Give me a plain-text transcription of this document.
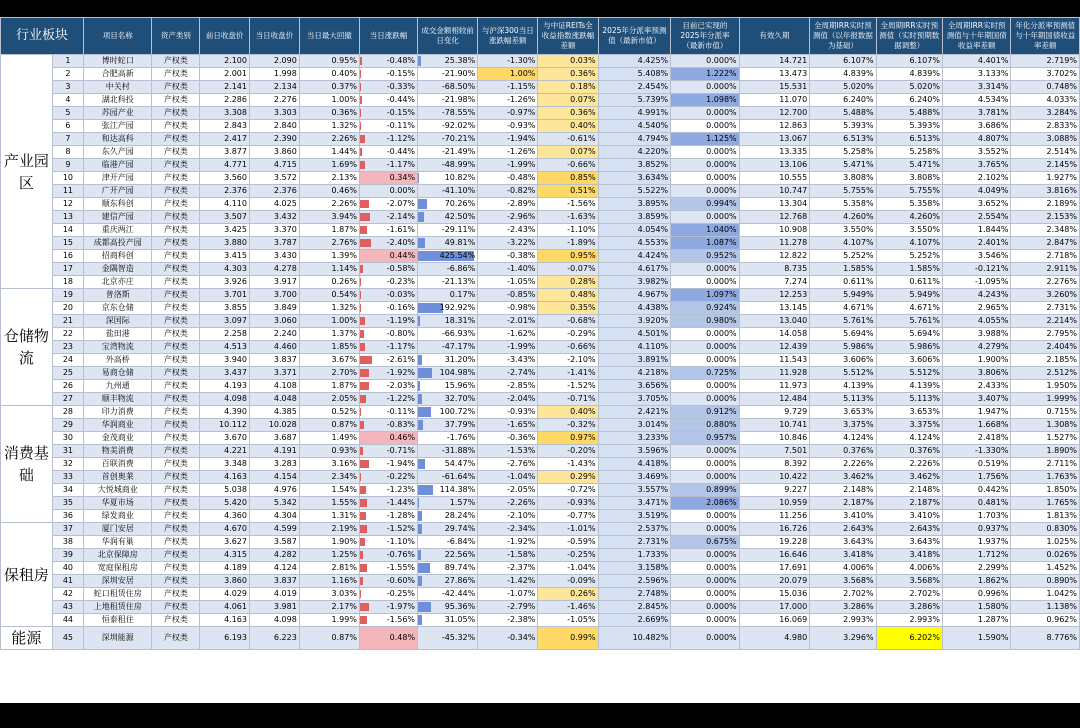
行业板块		项目名称	资产类别	前日收盘价	当日收盘价	当日最大回撤	当日涨跌幅	成交金额相较前日变化	与沪深300当日涨跌幅差额	与中证REITs全收益指数涨跌幅差额	2025年分派率预测值（最新市值）	目前已实现的2025年分派率（最新市值）	有效久期	全周期IRR实时预测值（以年报数据为基础）	全周期IRR实时预测值（实时预期数据调整）	全周期IRR实时预测值与十年期国债收益率差额	年化分派率预测值与十年期国债收益率差额
产业园区	1	博时蛇口	产权类	2.100	2.090	0.95%	-0.48%	25.38%	-1.30%	0.03%	4.425%	0.000%	14.721	6.107%	6.107%	4.401%	2.719%
	2	合肥高新	产权类	2.001	1.998	0.40%	-0.15%	-21.90%	1.00%	0.36%	5.408%	1.222%	13.473	4.839%	4.839%	3.133%	3.702%
	3	中关村	产权类	2.141	2.134	0.37%	-0.33%	-68.50%	-1.15%	0.18%	2.454%	0.000%	15.531	5.020%	5.020%	3.314%	0.748%
	4	湖北科投	产权类	2.286	2.276	1.00%	-0.44%	-21.98%	-1.26%	0.07%	5.739%	1.098%	11.070	6.240%	6.240%	4.534%	4.033%
	5	苏园产业	产权类	3.308	3.303	0.36%	-0.15%	-78.55%	-0.97%	0.36%	4.991%	0.000%	12.700	5.488%	5.488%	3.781%	3.284%
	6	张江产园	产权类	2.843	2.840	1.32%	-0.11%	-92.02%	-0.93%	0.40%	4.540%	0.000%	12.863	5.393%	5.393%	3.686%	2.833%
	7	和达高科	产权类	2.417	2.390	2.26%	-1.12%	-70.21%	-1.94%	-0.61%	4.794%	1.125%	13.067	6.513%	6.513%	4.807%	3.088%
	8	东久产园	产权类	3.877	3.860	1.44%	-0.44%	-21.49%	-1.26%	0.07%	4.220%	0.000%	13.335	5.258%	5.258%	3.552%	2.514%
	9	临港产园	产权类	4.771	4.715	1.69%	-1.17%	-48.99%	-1.99%	-0.66%	3.852%	0.000%	13.106	5.471%	5.471%	3.765%	2.145%
	10	津开产园	产权类	3.560	3.572	2.13%	0.34%	10.82%	-0.48%	0.85%	3.634%	0.000%	10.555	3.808%	3.808%	2.102%	1.927%
	11	广开产园	产权类	2.376	2.376	0.46%	0.00%	-41.10%	-0.82%	0.51%	5.522%	0.000%	10.747	5.755%	5.755%	4.049%	3.816%
	12	顺东科创	产权类	4.110	4.025	2.26%	-2.07%	70.26%	-2.89%	-1.56%	3.895%	0.994%	13.304	5.358%	5.358%	3.652%	2.189%
	13	建信产园	产权类	3.507	3.432	3.94%	-2.14%	42.50%	-2.96%	-1.63%	3.859%	0.000%	12.768	4.260%	4.260%	2.554%	2.153%
	14	重庆两江	产权类	3.425	3.370	1.87%	-1.61%	-29.11%	-2.43%	-1.10%	4.054%	1.040%	10.908	3.550%	3.550%	1.844%	2.348%
	15	成都高投产园	产权类	3.880	3.787	2.76%	-2.40%	49.81%	-3.22%	-1.89%	4.553%	1.087%	11.278	4.107%	4.107%	2.401%	2.847%
	16	招商科创	产权类	3.415	3.430	1.39%	0.44%	425.54%	-0.38%	0.95%	4.424%	0.952%	12.822	5.252%	5.252%	3.546%	2.718%
	17	金隅智造	产权类	4.303	4.278	1.14%	-0.58%	-6.86%	-1.40%	-0.07%	4.617%	0.000%	8.735	1.585%	1.585%	-0.121%	2.911%
	18	北京亦庄	产权类	3.926	3.917	0.26%	-0.23%	-21.13%	-1.05%	0.28%	3.982%	0.000%	7.274	0.611%	0.611%	-1.095%	2.276%
仓储物流	19	普洛斯	产权类	3.701	3.700	0.54%	-0.03%	0.17%	-0.85%	0.48%	4.967%	1.097%	12.253	5.949%	5.949%	4.243%	3.260%
	20	京东仓储	产权类	3.855	3.849	1.32%	-0.16%	192.92%	-0.98%	0.35%	4.438%	0.924%	13.145	4.671%	4.671%	2.965%	2.731%
	21	深国际	产权类	3.097	3.060	1.00%	-1.19%	18.31%	-2.01%	-0.68%	3.920%	0.980%	13.040	5.761%	5.761%	4.055%	2.214%
	22	盐田港	产权类	2.258	2.240	1.37%	-0.80%	-66.93%	-1.62%	-0.29%	4.501%	0.000%	14.058	5.694%	5.694%	3.988%	2.795%
	23	宝湾物流	产权类	4.513	4.460	1.85%	-1.17%	-47.17%	-1.99%	-0.66%	4.110%	0.000%	12.439	5.986%	5.986%	4.279%	2.404%
	24	外高桥	产权类	3.940	3.837	3.67%	-2.61%	31.20%	-3.43%	-2.10%	3.891%	0.000%	11.543	3.606%	3.606%	1.900%	2.185%
	25	易商仓储	产权类	3.437	3.371	2.70%	-1.92%	104.98%	-2.74%	-1.41%	4.218%	0.725%	11.928	5.512%	5.512%	3.806%	2.512%
	26	九州通	产权类	4.193	4.108	1.87%	-2.03%	15.96%	-2.85%	-1.52%	3.656%	0.000%	11.973	4.139%	4.139%	2.433%	1.950%
	27	顺丰物流	产权类	4.098	4.048	2.05%	-1.22%	32.70%	-2.04%	-0.71%	3.705%	0.000%	12.484	5.113%	5.113%	3.407%	1.999%
消费基础	28	印力消费	产权类	4.390	4.385	0.52%	-0.11%	100.72%	-0.93%	0.40%	2.421%	0.912%	9.729	3.653%	3.653%	1.947%	0.715%
	29	华润商业	产权类	10.112	10.028	0.87%	-0.83%	37.79%	-1.65%	-0.32%	3.014%	0.880%	10.741	3.375%	3.375%	1.668%	1.308%
	30	金茂商业	产权类	3.670	3.687	1.49%	0.46%	-1.76%	-0.36%	0.97%	3.233%	0.957%	10.846	4.124%	4.124%	2.418%	1.527%
	31	物美消费	产权类	4.221	4.191	0.93%	-0.71%	-31.88%	-1.53%	-0.20%	3.596%	0.000%	7.501	0.376%	0.376%	-1.330%	1.890%
	32	百联消费	产权类	3.348	3.283	3.16%	-1.94%	54.47%	-2.76%	-1.43%	4.418%	0.000%	8.392	2.226%	2.226%	0.519%	2.711%
	33	首创奥莱	产权类	4.163	4.154	2.34%	-0.22%	-61.64%	-1.04%	0.29%	3.469%	0.000%	10.422	3.462%	3.462%	1.756%	1.763%
	34	大悦城商业	产权类	5.038	4.976	1.54%	-1.23%	114.38%	-2.05%	-0.72%	3.557%	0.899%	9.227	2.148%	2.148%	0.442%	1.850%
	35	华夏市场	产权类	5.420	5.342	1.55%	-1.44%	1.57%	-2.26%	-0.93%	3.471%	2.086%	10.959	2.187%	2.187%	0.481%	1.765%
	36	绿发商业	产权类	4.360	4.304	1.31%	-1.28%	28.24%	-2.10%	-0.77%	3.519%	0.000%	11.256	3.410%	3.410%	1.703%	1.813%
保租房	37	厦门安居	产权类	4.670	4.599	2.19%	-1.52%	29.74%	-2.34%	-1.01%	2.537%	0.000%	16.726	2.643%	2.643%	0.937%	0.830%
	38	华润有巢	产权类	3.627	3.587	1.90%	-1.10%	-6.84%	-1.92%	-0.59%	2.731%	0.675%	19.228	3.643%	3.643%	1.937%	1.025%
	39	北京保障房	产权类	4.315	4.282	1.25%	-0.76%	22.56%	-1.58%	-0.25%	1.733%	0.000%	16.646	3.418%	3.418%	1.712%	0.026%
	40	宽庭保租房	产权类	4.189	4.124	2.81%	-1.55%	89.74%	-2.37%	-1.04%	3.158%	0.000%	17.691	4.006%	4.006%	2.299%	1.452%
	41	深圳安居	产权类	3.860	3.837	1.16%	-0.60%	27.86%	-1.42%	-0.09%	2.596%	0.000%	20.079	3.568%	3.568%	1.862%	0.890%
	42	蛇口租赁住房	产权类	4.029	4.019	3.03%	-0.25%	-42.44%	-1.07%	0.26%	2.748%	0.000%	15.036	2.702%	2.702%	0.996%	1.042%
	43	上地租赁住房	产权类	4.061	3.981	2.17%	-1.97%	95.36%	-2.79%	-1.46%	2.845%	0.000%	17.000	3.286%	3.286%	1.580%	1.138%
	44	恒泰租住	产权类	4.163	4.098	1.99%	-1.56%	31.05%	-2.38%	-1.05%	2.669%	0.000%	16.069	2.993%	2.993%	1.287%	0.962%
能源	45	深圳能源	产权类	6.193	6.223	0.87%	0.48%	-45.32%	-0.34%	0.99%	10.482%	0.000%	4.980	3.296%	6.202%	1.590%	8.776%
